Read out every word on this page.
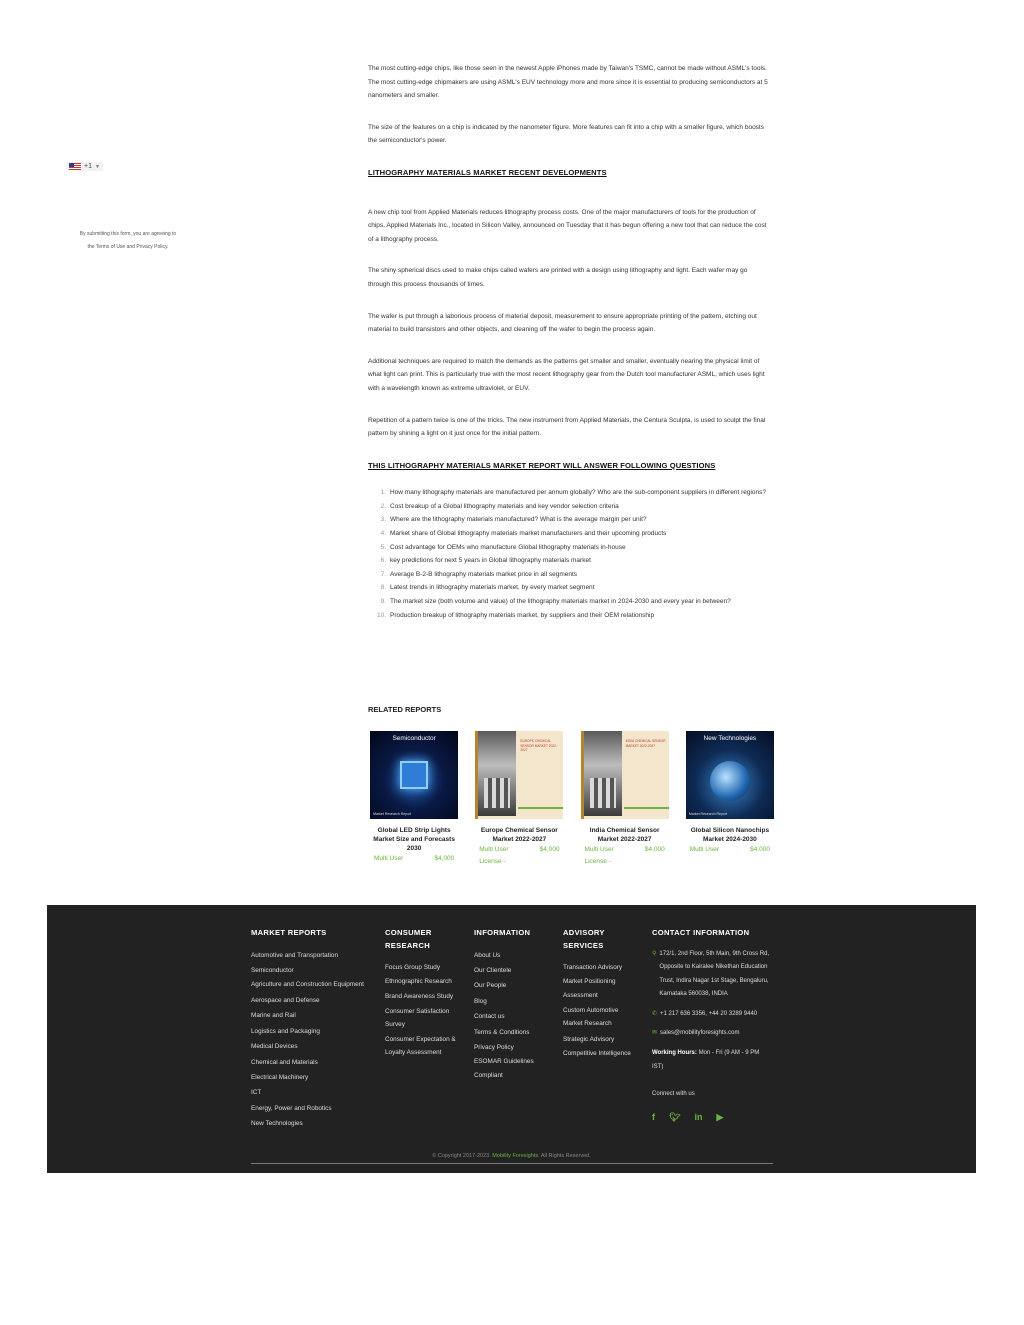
+1 ▼
By submitting this form, you are agreeing to
the Terms of Use and Privacy Policy.

The most cutting-edge chips, like those seen in the newest Apple iPhones made by Taiwan's TSMC, cannot be made without ASML's tools. The most cutting-edge chipmakers are using ASML's EUV technology more and more since it is essential to producing semiconductors at 5 nanometers and smaller.

The size of the features on a chip is indicated by the nanometer figure. More features can fit into a chip with a smaller figure, which boosts the semiconductor's power.

LITHOGRAPHY MATERIALS MARKET RECENT DEVELOPMENTS

A new chip tool from Applied Materials reduces lithography process costs. One of the major manufacturers of tools for the production of chips, Applied Materials Inc., located in Silicon Valley, announced on Tuesday that it has begun offering a new tool that can reduce the cost of a lithography process.

The shiny spherical discs used to make chips called wafers are printed with a design using lithography and light. Each wafer may go through this process thousands of times.

The wafer is put through a laborious process of material deposit, measurement to ensure appropriate printing of the pattern, etching out material to build transistors and other objects, and cleaning off the wafer to begin the process again.

Additional techniques are required to match the demands as the patterns get smaller and smaller, eventually nearing the physical limit of what light can print. This is particularly true with the most recent lithography gear from the Dutch tool manufacturer ASML, which uses light with a wavelength known as extreme ultraviolet, or EUV.

Repetition of a pattern twice is one of the tricks. The new instrument from Applied Materials, the Centura Sculpta, is used to sculpt the final pattern by shining a light on it just once for the initial pattern.

THIS LITHOGRAPHY MATERIALS MARKET REPORT WILL ANSWER FOLLOWING QUESTIONS
1. How many lithography materials are manufactured per annum globally? Who are the sub-component suppliers in different regions?
2. Cost breakup of a Global lithography materials and key vendor selection criteria
3. Where are the lithography materials manufactured? What is the average margin per unit?
4. Market share of Global lithography materials market manufacturers and their upcoming products
5. Cost advantage for OEMs who manufacture Global lithography materials in-house
6. key predictions for next 5 years in Global lithography materials market
7. Average B-2-B lithography materials market price in all segments
8. Latest trends in lithography materials market, by every market segment
9. The market size (both volume and value) of the lithography materials market in 2024-2030 and every year in between?
10. Production breakup of lithography materials market, by suppliers and their OEM relationship
RELATED REPORTS
Semiconductor
Market Research Report
Global LED Strip Lights Market Size and Forecasts 2030
Multi User	$4,000
EUROPE CHEMICAL SENSOR MARKET 2022-2027
Europe Chemical Sensor Market 2022-2027
Multi User	$4,000
License -
INDIA CHEMICAL SENSOR MARKET 2022-2027
India Chemical Sensor Market 2022-2027
Multi User	$4,000
License -
New Technologies
Market Research Report
Global Silicon Nanochips Market 2024-2030
Multi User	$4,000
MARKET REPORTS
Automotive and Transportation
Semiconductor
Agriculture and Construction Equipment
Aerospace and Defense
Marine and Rail
Logistics and Packaging
Medical Devices
Chemical and Materials
Electrical Machinery
ICT
Energy, Power and Robotics
New Technologies
CONSUMER RESEARCH
Focus Group Study
Ethnographic Research
Brand Awareness Study
Consumer Satisfaction Survey
Consumer Expectation & Loyalty Assessment
INFORMATION
About Us
Our Clientele
Our People
Blog
Contact us
Terms & Conditions
Privacy Policy
ESOMAR Guidelines Compliant
ADVISORY SERVICES
Transaction Advisory
Market Positioning Assessment
Custom Automotive Market Research
Strategic Advisory
Competitive Intelligence
CONTACT INFORMATION
⚲ 172/1, 2nd Floor, 5th Main, 9th Cross Rd, Opposite to Kairalee Nikethan Education Trust, Indira Nagar 1st Stage, Bengaluru, Karnataka 560038, INDIA
✆ +1 217 636 3356, +44 20 3289 9440
✉ sales@mobilityforesights.com
Working Hours: Mon - Fri (9 AM - 9 PM IST)
Connect with us
f 🐦︎ in ▶
© Copyright 2017-2023. Mobility Foresights. All Rights Reserved.
